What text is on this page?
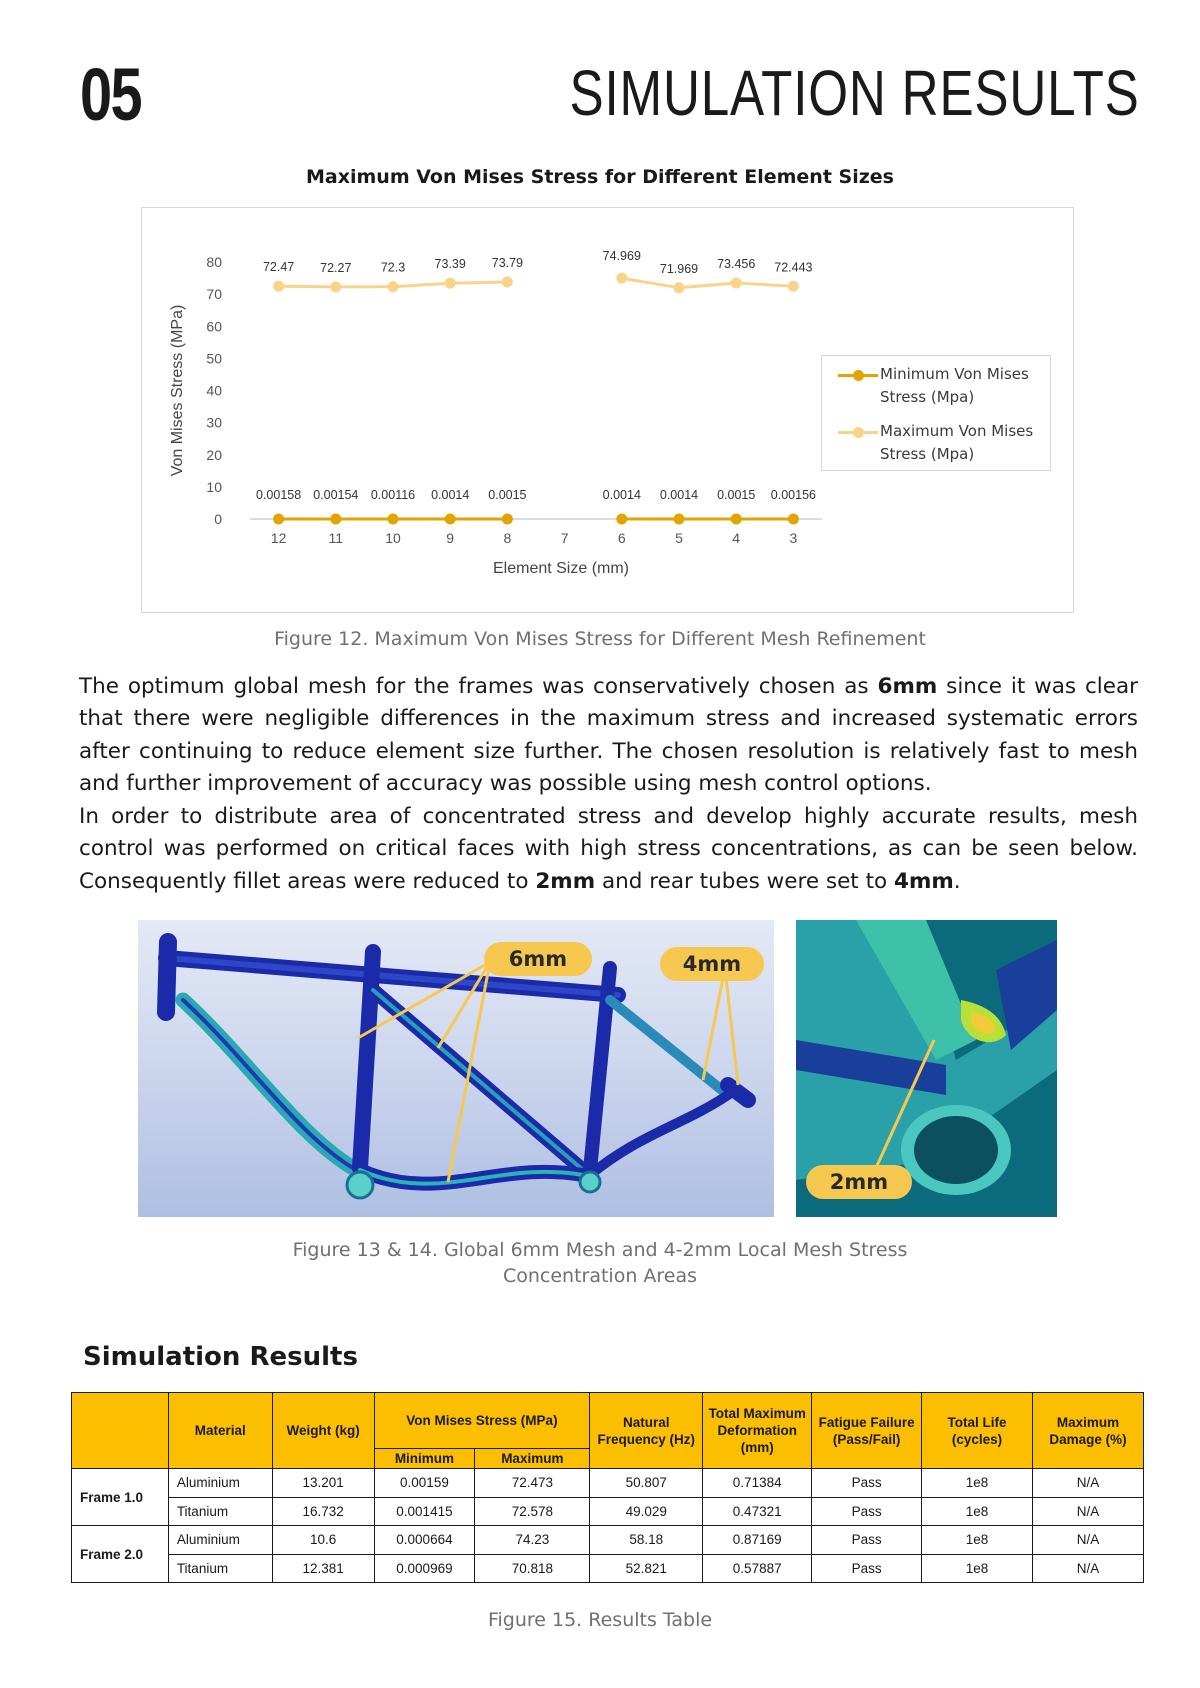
05	SIMULATION RESULTS
Maximum Von Mises Stress for Different Element Sizes
0
10
20
30
40
50
60
70
80
12	11	10	9	8	7	6	5	4	3
Element Size (mm)
Von Mises Stress (MPa)
0.00158 0.00154 0.00116 0.0014 0.0015	0.0014 0.0014 0.0015 0.00156
72.47 72.27 72.3 73.39 73.79	74.969
71.969 73.456 72.443
Minimum Von Mises Stress (Mpa)
Maximum Von Mises Stress (Mpa)
Figure 12. Maximum Von Mises Stress for Different Mesh Refinement
The optimum global mesh for the frames was conservatively chosen as 6mm since it was clear that there were negligible differences in the maximum stress and increased systematic errors after continuing to reduce element size further. The chosen resolution is relatively fast to mesh and further improvement of accuracy was possible using mesh control options.
In order to distribute area of concentrated stress and develop highly accurate results, mesh control was performed on critical faces with high stress concentrations, as can be seen below. Consequently fillet areas were reduced to 2mm and rear tubes were set to 4mm.
6mm	4mm
2mm
Figure 13 & 14. Global 6mm Mesh and 4-2mm Local Mesh Stress
Concentration Areas
Simulation Results
	Material	Weight (kg)	Von Mises Stress (MPa)		Natural Frequency (Hz)	Total Maximum Deformation (mm)	Fatigue Failure (Pass/Fail)	Total Life (cycles)	Maximum Damage (%)
			Minimum	Maximum					
Frame 1.0	Aluminium	13.201	0.00159	72.473	50.807	0.71384	Pass	1e8	N/A
	Titanium	16.732	0.001415	72.578	49.029	0.47321	Pass	1e8	N/A
Frame 2.0	Aluminium	10.6	0.000664	74.23	58.18	0.87169	Pass	1e8	N/A
	Titanium	12.381	0.000969	70.818	52.821	0.57887	Pass	1e8	N/A
Figure 15. Results Table
